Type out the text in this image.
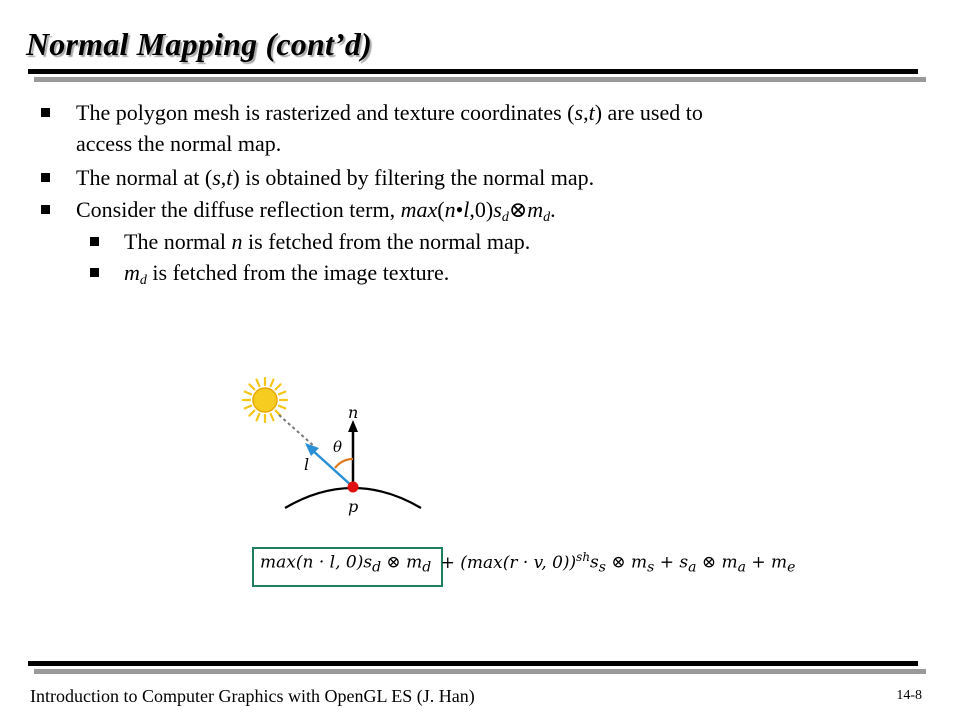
Normal Mapping (cont’d)
The polygon mesh is rasterized and texture coordinates (s,t) are used to
access the normal map.
The normal at (s,t) is obtained by filtering the normal map.
Consider the diffuse reflection term, $\max(n•l,0)s_d\otimes m_d$.
The normal n is fetched from the normal map.
$m_d$ is fetched from the image texture.
n
θ
l
p
max(n · l, $0)s_d$ ⊗ $m_d + (\max(r \cdot v$, $0))^{sh}s_s$ ⊗ $m_s + s_a$ ⊗ $m_a + m_e$
Introduction to Computer Graphics with OpenGL ES (J. Han)	14-8
